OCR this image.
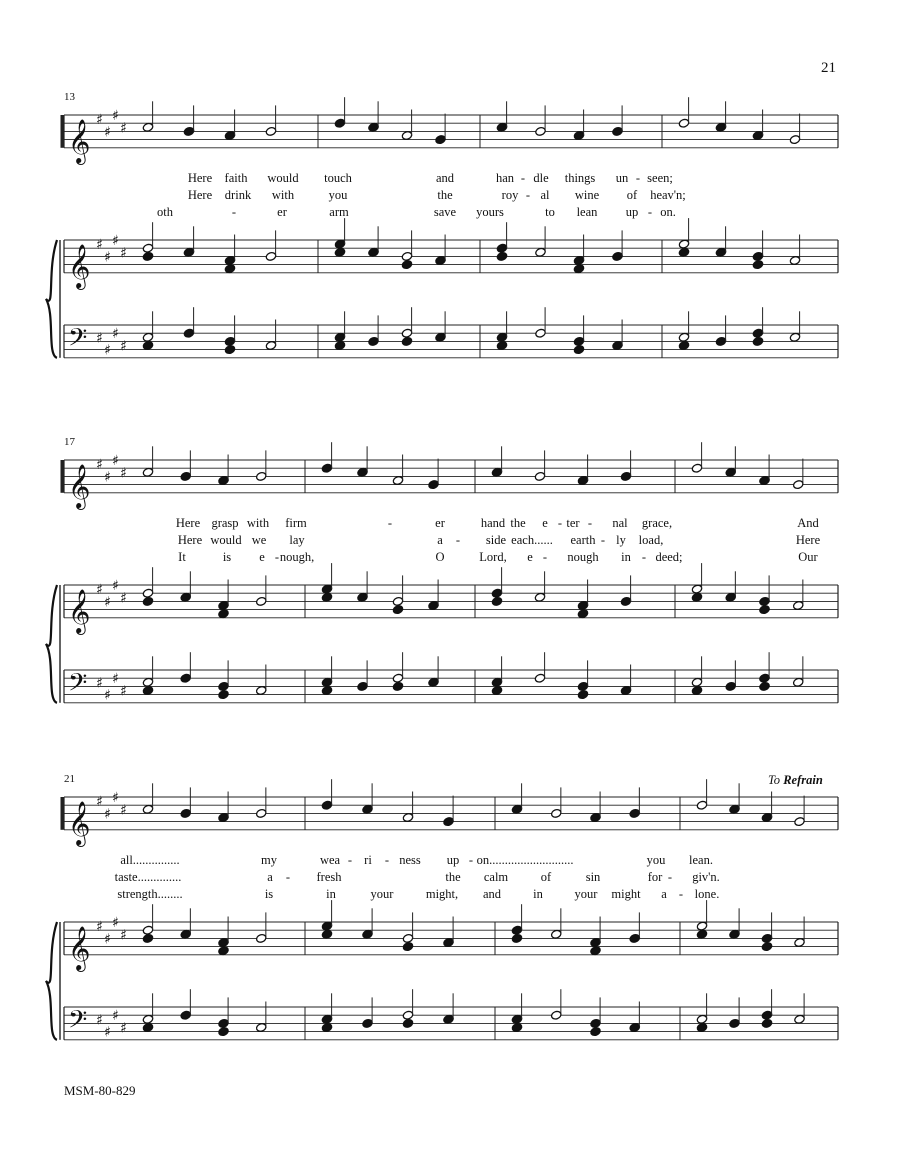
21
𝄞 ♯
♯
♯
♯
𝄞 ♯
♯
♯
♯
𝄢 ♯
♯
♯
♯
13
Here faith would touch	and	han - dle things un - seen;
Here drink with	you	the	roy - al wine of heav'n;
oth	-	er	arm	save yours	to lean up - on.
𝄞 ♯
♯
♯
♯
𝄞 ♯
♯
♯
♯
𝄢 ♯
♯
♯
♯
17
Here grasp with firm	-	er	hand the e - ter - nal grace,	And
Here would we lay	a - side each...... earth - ly load,	Here
It	is e - nough,	O	Lord, e - nough in - deed;	Our
𝄞 ♯
♯
♯
♯
𝄞 ♯
♯
♯
♯
𝄢 ♯
♯
♯
♯
21	To Refrain
all...............	my	wea - ri - ness up - on...........................	you lean.
taste..............	a - fresh	the calm	of	sin	for - giv'n.
strength........	is	in	your	might, and	in	your might a - lone.
MSM-80-829
